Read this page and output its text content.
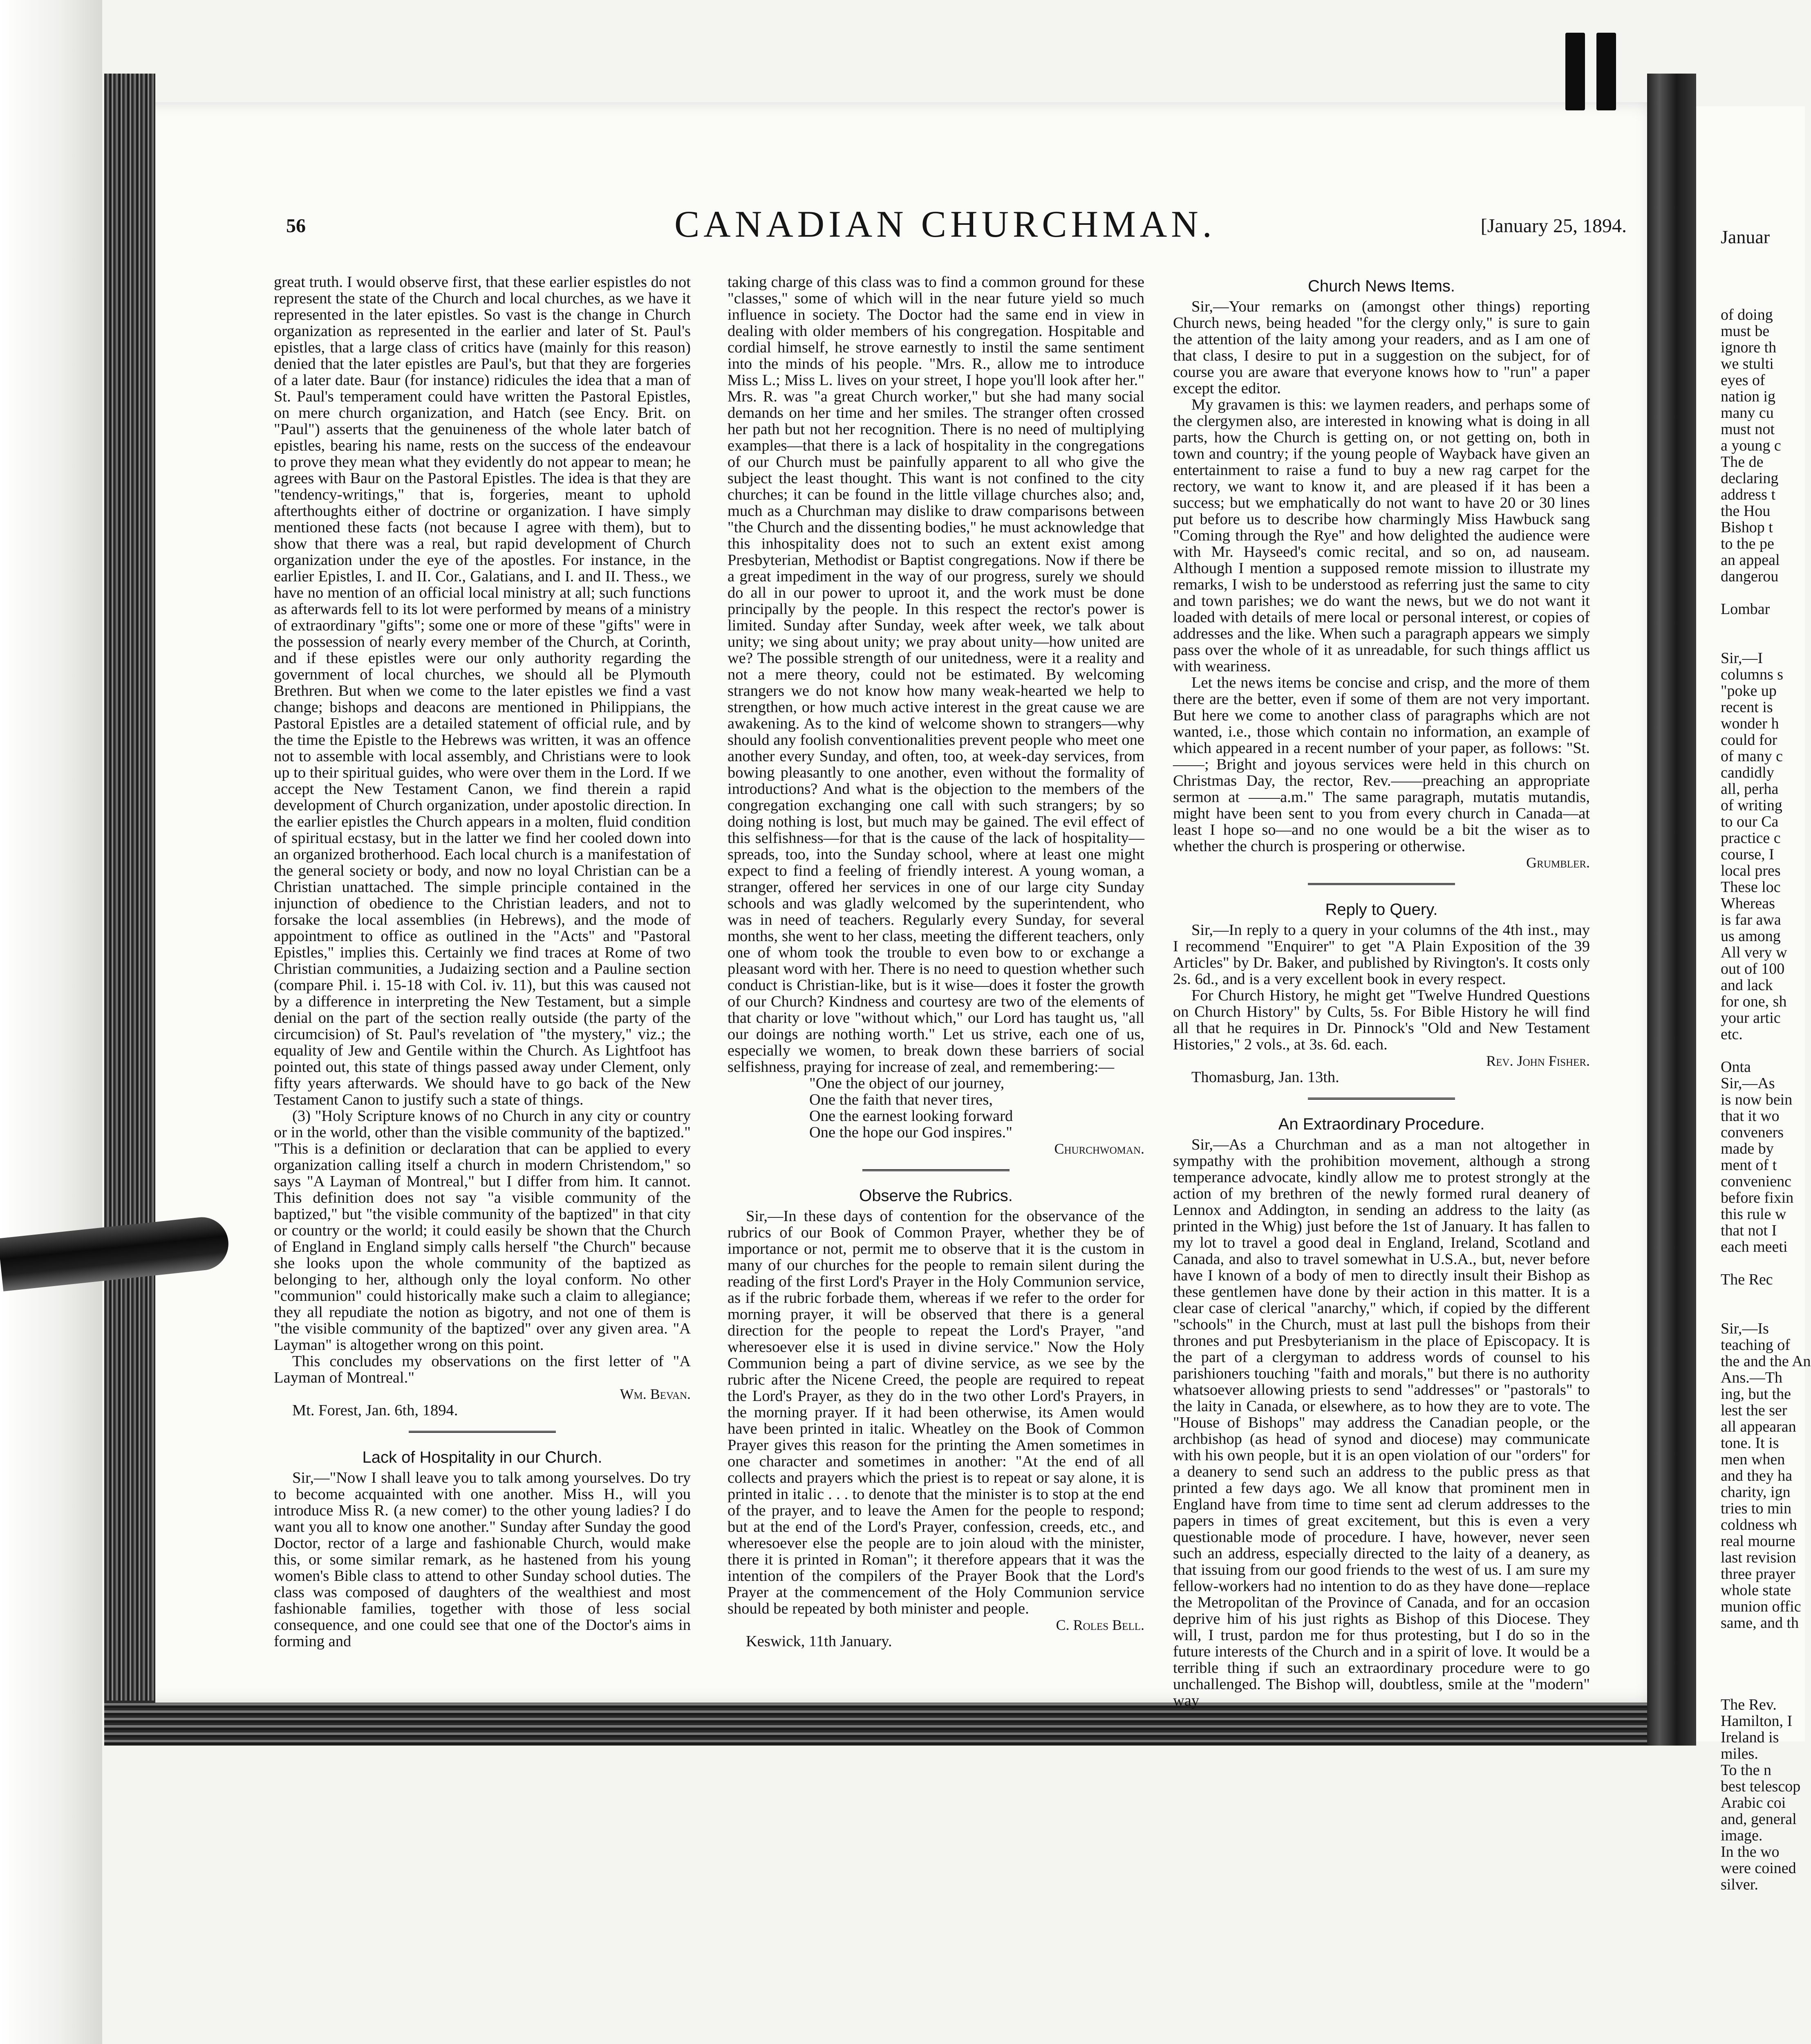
Januar
of doing
must be
ignore th
we stulti
eyes of
nation ig
many cu
must not
a young c
The de
declaring
address t
the Hou
Bishop t
to the pe
an appeal
dangerou

Lombar

Sir,—I
columns s
"poke up
recent is
wonder h
could for
of many c
candidly
all, perha
of writing
to our Ca
practice c
course, I
local pres
These loc
Whereas
is far awa
us among
All very w
out of 100
and lack
for one, sh
your artic
etc.

Onta
Sir,—As
is now bein
that it wo
conveners
made by
ment of t
convenienc
before fixin
this rule w
that not I
each meeti

The Rec

Sir,—Is
teaching of
the and the An
Ans.—Th
ing, but the
lest the ser
all appearan
tone. It is
men when
and they ha
charity, ign
tries to min
coldness wh
real mourne
last revision
three prayer
whole state
munion offic
same, and th

The Rev.
Hamilton, I
Ireland is
miles.
To the n
best telescop
Arabic coi
and, general
image.
In the wo
were coined
silver.
56	CANADIAN CHURCHMAN.	[January 25, 1894.

great truth. I would observe first, that these earlier espistles do not represent the state of the Church and local churches, as we have it represented in the later epistles. So vast is the change in Church organization as represented in the earlier and later of St. Paul's epistles, that a large class of critics have (mainly for this reason) denied that the later epistles are Paul's, but that they are forgeries of a later date. Baur (for instance) ridicules the idea that a man of St. Paul's temperament could have written the Pastoral Epistles, on mere church organization, and Hatch (see Ency. Brit. on "Paul") asserts that the genuineness of the whole later batch of epistles, bearing his name, rests on the success of the endeavour to prove they mean what they evidently do not appear to mean; he agrees with Baur on the Pastoral Epistles. The idea is that they are "tendency-writings," that is, forgeries, meant to uphold afterthoughts either of doctrine or organization. I have simply mentioned these facts (not because I agree with them), but to show that there was a real, but rapid development of Church organization under the eye of the apostles. For instance, in the earlier Epistles, I. and II. Cor., Galatians, and I. and II. Thess., we have no mention of an official local ministry at all; such functions as afterwards fell to its lot were performed by means of a ministry of extraordinary "gifts"; some one or more of these "gifts" were in the possession of nearly every member of the Church, at Corinth, and if these epistles were our only authority regarding the government of local churches, we should all be Plymouth Brethren. But when we come to the later epistles we find a vast change; bishops and deacons are mentioned in Philippians, the Pastoral Epistles are a detailed statement of official rule, and by the time the Epistle to the Hebrews was written, it was an offence not to assemble with local assembly, and Christians were to look up to their spiritual guides, who were over them in the Lord. If we accept the New Testament Canon, we find therein a rapid development of Church organization, under apostolic direction. In the earlier epistles the Church appears in a molten, fluid condition of spiritual ecstasy, but in the latter we find her cooled down into an organized brotherhood. Each local church is a manifestation of the general society or body, and now no loyal Christian can be a Christian unattached. The simple principle contained in the injunction of obedience to the Christian leaders, and not to forsake the local assemblies (in Hebrews), and the mode of appointment to office as outlined in the "Acts" and "Pastoral Epistles," implies this. Certainly we find traces at Rome of two Christian communities, a Judaizing section and a Pauline section (compare Phil. i. 15-18 with Col. iv. 11), but this was caused not by a difference in interpreting the New Testament, but a simple denial on the part of the section really outside (the party of the circumcision) of St. Paul's revelation of "the mystery," viz.; the equality of Jew and Gentile within the Church. As Lightfoot has pointed out, this state of things passed away under Clement, only fifty years afterwards. We should have to go back of the New Testament Canon to justify such a state of things.

(3) "Holy Scripture knows of no Church in any city or country or in the world, other than the visible community of the baptized." "This is a definition or declaration that can be applied to every organization calling itself a church in modern Christendom," so says "A Layman of Montreal," but I differ from him. It cannot. This definition does not say "a visible community of the baptized," but "the visible community of the baptized" in that city or country or the world; it could easily be shown that the Church of England in England simply calls herself "the Church" because she looks upon the whole community of the baptized as belonging to her, although only the loyal conform. No other "communion" could historically make such a claim to allegiance; they all repudiate the notion as bigotry, and not one of them is "the visible community of the baptized" over any given area. "A Layman" is altogether wrong on this point.

This concludes my observations on the first letter of "A Layman of Montreal."

Wm. Bevan.

Mt. Forest, Jan. 6th, 1894.

Lack of Hospitality in our Church.

Sir,—"Now I shall leave you to talk among yourselves. Do try to become acquainted with one another. Miss H., will you introduce Miss R. (a new comer) to the other young ladies? I do want you all to know one another." Sunday after Sunday the good Doctor, rector of a large and fashionable Church, would make this, or some similar remark, as he hastened from his young women's Bible class to attend to other Sunday school duties. The class was composed of daughters of the wealthiest and most fashionable families, together with those of less social consequence, and one could see that one of the Doctor's aims in forming and

taking charge of this class was to find a common ground for these "classes," some of which will in the near future yield so much influence in society. The Doctor had the same end in view in dealing with older members of his congregation. Hospitable and cordial himself, he strove earnestly to instil the same sentiment into the minds of his people. "Mrs. R., allow me to introduce Miss L.; Miss L. lives on your street, I hope you'll look after her." Mrs. R. was "a great Church worker," but she had many social demands on her time and her smiles. The stranger often crossed her path but not her recognition. There is no need of multiplying examples—that there is a lack of hospitality in the congregations of our Church must be painfully apparent to all who give the subject the least thought. This want is not confined to the city churches; it can be found in the little village churches also; and, much as a Churchman may dislike to draw comparisons between "the Church and the dissenting bodies," he must acknowledge that this inhospitality does not to such an extent exist among Presbyterian, Methodist or Baptist congregations. Now if there be a great impediment in the way of our progress, surely we should do all in our power to uproot it, and the work must be done principally by the people. In this respect the rector's power is limited. Sunday after Sunday, week after week, we talk about unity; we sing about unity; we pray about unity—how united are we? The possible strength of our unitedness, were it a reality and not a mere theory, could not be estimated. By welcoming strangers we do not know how many weak-hearted we help to strengthen, or how much active interest in the great cause we are awakening. As to the kind of welcome shown to strangers—why should any foolish conventionalities prevent people who meet one another every Sunday, and often, too, at week-day services, from bowing pleasantly to one another, even without the formality of introductions? And what is the objection to the members of the congregation exchanging one call with such strangers; by so doing nothing is lost, but much may be gained. The evil effect of this selfishness—for that is the cause of the lack of hospitality—spreads, too, into the Sunday school, where at least one might expect to find a feeling of friendly interest. A young woman, a stranger, offered her services in one of our large city Sunday schools and was gladly welcomed by the superintendent, who was in need of teachers. Regularly every Sunday, for several months, she went to her class, meeting the different teachers, only one of whom took the trouble to even bow to or exchange a pleasant word with her. There is no need to question whether such conduct is Christian-like, but is it wise—does it foster the growth of our Church? Kindness and courtesy are two of the elements of that charity or love "without which," our Lord has taught us, "all our doings are nothing worth." Let us strive, each one of us, especially we women, to break down these barriers of social selfishness, praying for increase of zeal, and remembering:—

"One the object of our journey,
One the faith that never tires,
One the earnest looking forward
One the hope our God inspires."

Churchwoman.

Observe the Rubrics.

Sir,—In these days of contention for the observance of the rubrics of our Book of Common Prayer, whether they be of importance or not, permit me to observe that it is the custom in many of our churches for the people to remain silent during the reading of the first Lord's Prayer in the Holy Communion service, as if the rubric forbade them, whereas if we refer to the order for morning prayer, it will be observed that there is a general direction for the people to repeat the Lord's Prayer, "and wheresoever else it is used in divine service." Now the Holy Communion being a part of divine service, as we see by the rubric after the Nicene Creed, the people are required to repeat the Lord's Prayer, as they do in the two other Lord's Prayers, in the morning prayer. If it had been otherwise, its Amen would have been printed in italic. Wheatley on the Book of Common Prayer gives this reason for the printing the Amen sometimes in one character and sometimes in another: "At the end of all collects and prayers which the priest is to repeat or say alone, it is printed in italic . . . to denote that the minister is to stop at the end of the prayer, and to leave the Amen for the people to respond; but at the end of the Lord's Prayer, confession, creeds, etc., and wheresoever else the people are to join aloud with the minister, there it is printed in Roman"; it therefore appears that it was the intention of the compilers of the Prayer Book that the Lord's Prayer at the commencement of the Holy Communion service should be repeated by both minister and people.

C. Roles Bell.

Keswick, 11th January.

Church News Items.

Sir,—Your remarks on (amongst other things) reporting Church news, being headed "for the clergy only," is sure to gain the attention of the laity among your readers, and as I am one of that class, I desire to put in a suggestion on the subject, for of course you are aware that everyone knows how to "run" a paper except the editor.

My gravamen is this: we laymen readers, and perhaps some of the clergymen also, are interested in knowing what is doing in all parts, how the Church is getting on, or not getting on, both in town and country; if the young people of Wayback have given an entertainment to raise a fund to buy a new rag carpet for the rectory, we want to know it, and are pleased if it has been a success; but we emphatically do not want to have 20 or 30 lines put before us to describe how charmingly Miss Hawbuck sang "Coming through the Rye" and how delighted the audience were with Mr. Hayseed's comic recital, and so on, ad nauseam. Although I mention a supposed remote mission to illustrate my remarks, I wish to be understood as referring just the same to city and town parishes; we do want the news, but we do not want it loaded with details of mere local or personal interest, or copies of addresses and the like. When such a paragraph appears we simply pass over the whole of it as unreadable, for such things afflict us with weariness.

Let the news items be concise and crisp, and the more of them there are the better, even if some of them are not very important. But here we come to another class of paragraphs which are not wanted, i.e., those which contain no information, an example of which appeared in a recent number of your paper, as follows: "St.——; Bright and joyous services were held in this church on Christmas Day, the rector, Rev.——preaching an appropriate sermon at ——a.m." The same paragraph, mutatis mutandis, might have been sent to you from every church in Canada—at least I hope so—and no one would be a bit the wiser as to whether the church is prospering or otherwise.

Grumbler.

Reply to Query.

Sir,—In reply to a query in your columns of the 4th inst., may I recommend "Enquirer" to get "A Plain Exposition of the 39 Articles" by Dr. Baker, and published by Rivington's. It costs only 2s. 6d., and is a very excellent book in every respect.

For Church History, he might get "Twelve Hundred Questions on Church History" by Cults, 5s. For Bible History he will find all that he requires in Dr. Pinnock's "Old and New Testament Histories," 2 vols., at 3s. 6d. each.

Rev. John Fisher.

Thomasburg, Jan. 13th.

An Extraordinary Procedure.

Sir,—As a Churchman and as a man not altogether in sympathy with the prohibition movement, although a strong temperance advocate, kindly allow me to protest strongly at the action of my brethren of the newly formed rural deanery of Lennox and Addington, in sending an address to the laity (as printed in the Whig) just before the 1st of January. It has fallen to my lot to travel a good deal in England, Ireland, Scotland and Canada, and also to travel somewhat in U.S.A., but, never before have I known of a body of men to directly insult their Bishop as these gentlemen have done by their action in this matter. It is a clear case of clerical "anarchy," which, if copied by the different "schools" in the Church, must at last pull the bishops from their thrones and put Presbyterianism in the place of Episcopacy. It is the part of a clergyman to address words of counsel to his parishioners touching "faith and morals," but there is no authority whatsoever allowing priests to send "addresses" or "pastorals" to the laity in Canada, or elsewhere, as to how they are to vote. The "House of Bishops" may address the Canadian people, or the archbishop (as head of synod and diocese) may communicate with his own people, but it is an open violation of our "orders" for a deanery to send such an address to the public press as that printed a few days ago. We all know that prominent men in England have from time to time sent ad clerum addresses to the papers in times of great excitement, but this is even a very questionable mode of procedure. I have, however, never seen such an address, especially directed to the laity of a deanery, as that issuing from our good friends to the west of us. I am sure my fellow-workers had no intention to do as they have done—replace the Metropolitan of the Province of Canada, and for an occasion deprive him of his just rights as Bishop of this Diocese. They will, I trust, pardon me for thus protesting, but I do so in the future interests of the Church and in a spirit of love. It would be a terrible thing if such an extraordinary procedure were to go unchallenged. The Bishop will, doubtless, smile at the "modern" way
